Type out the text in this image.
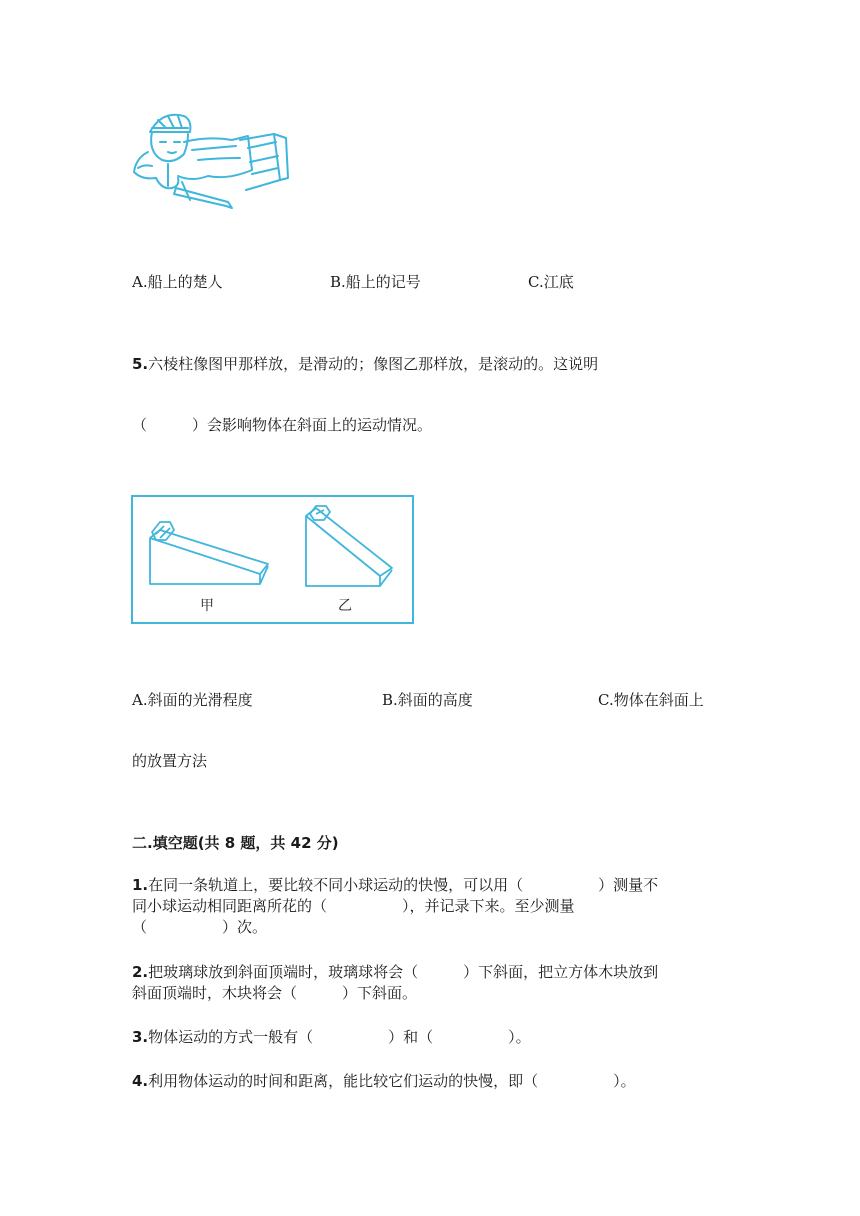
A.船上的楚人	B.船上的记号	C.江底
5.六棱柱像图甲那样放，是滑动的；像图乙那样放，是滚动的。这说明
（　　　）会影响物体在斜面上的运动情况。
甲	乙
A.斜面的光滑程度	B.斜面的高度	C.物体在斜面上
的放置方法
二.填空题(共 8 题，共 42 分)
1.在同一条轨道上，要比较不同小球运动的快慢，可以用（　　　　　）测量不
同小球运动相同距离所花的（　　　　　），并记录下来。至少测量
（　　　　　）次。
2.把玻璃球放到斜面顶端时，玻璃球将会（　　　）下斜面，把立方体木块放到
斜面顶端时，木块将会（　　　）下斜面。
3.物体运动的方式一般有（　　　　　）和（　　　　　）。
4.利用物体运动的时间和距离，能比较它们运动的快慢，即（　　　　　）。
